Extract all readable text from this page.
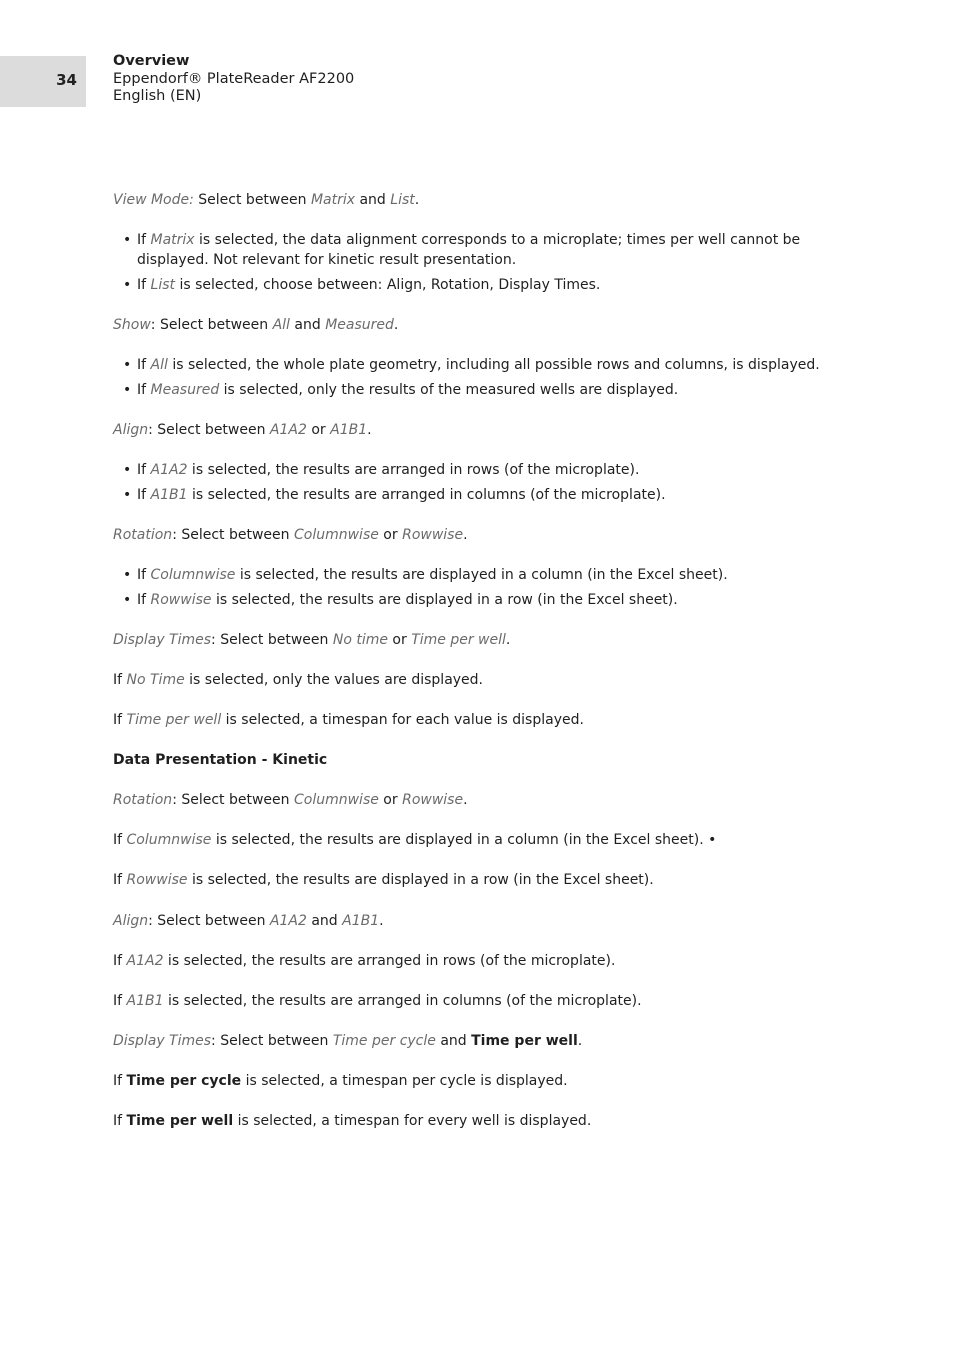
34
Overview
Eppendorf® PlateReader AF2200
English (EN)
View Mode: Select between Matrix and List.
• If Matrix is selected, the data alignment corresponds to a microplate; times per well cannot be
displayed. Not relevant for kinetic result presentation.
• If List is selected, choose between: Align, Rotation, Display Times.
Show: Select between All and Measured.
• If All is selected, the whole plate geometry, including all possible rows and columns, is displayed.
• If Measured is selected, only the results of the measured wells are displayed.
Align: Select between A1A2 or A1B1.
• If A1A2 is selected, the results are arranged in rows (of the microplate).
• If A1B1 is selected, the results are arranged in columns (of the microplate).
Rotation: Select between Columnwise or Rowwise.
• If Columnwise is selected, the results are displayed in a column (in the Excel sheet).
• If Rowwise is selected, the results are displayed in a row (in the Excel sheet).
Display Times: Select between No time or Time per well.
If No Time is selected, only the values are displayed.
If Time per well is selected, a timespan for each value is displayed.
Data Presentation - Kinetic
Rotation: Select between Columnwise or Rowwise.
If Columnwise is selected, the results are displayed in a column (in the Excel sheet). •
If Rowwise is selected, the results are displayed in a row (in the Excel sheet).
Align: Select between A1A2 and A1B1.
If A1A2 is selected, the results are arranged in rows (of the microplate).
If A1B1 is selected, the results are arranged in columns (of the microplate).
Display Times: Select between Time per cycle and Time per well.
If Time per cycle is selected, a timespan per cycle is displayed.
If Time per well is selected, a timespan for every well is displayed.
